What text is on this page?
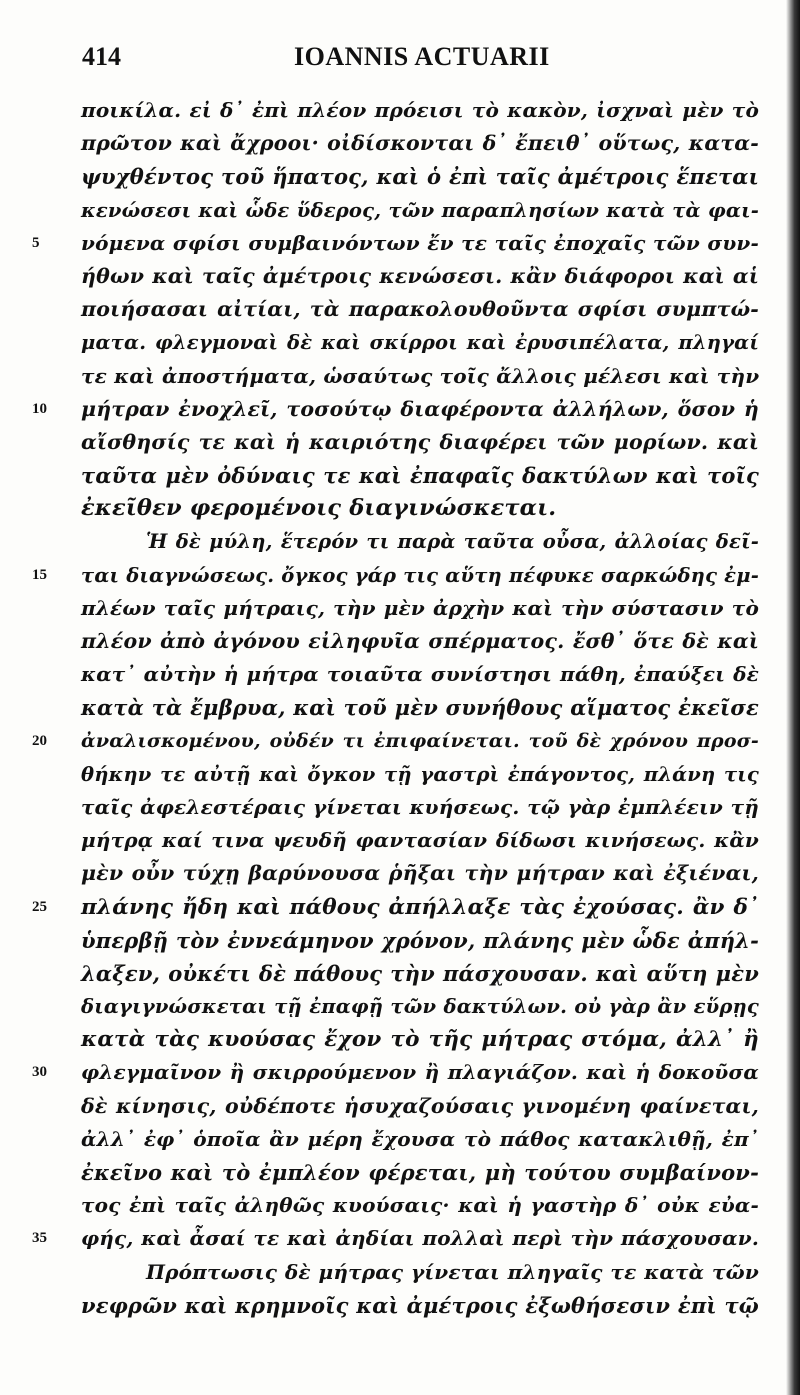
414	IOANNIS ACTUARII
ποικίλα. εἰ δ᾽ ἐπὶ πλέον πρόεισι τὸ κακὸν, ἰσχναὶ μὲν τὸ
πρῶτον καὶ ἄχροοι· οἰδίσκονται δ᾽ ἔπειθ᾽ οὕτως, κατα-
ψυχθέντος τοῦ ἥπατος, καὶ ὁ ἐπὶ ταῖς ἀμέτροις ἕπεται
κενώσεσι καὶ ὧδε ὕδερος, τῶν παραπλησίων κατὰ τὰ φαι-
5	νόμενα σφίσι συμβαινόντων ἔν τε ταῖς ἐποχαῖς τῶν συν-
ήθων καὶ ταῖς ἀμέτροις κενώσεσι. κἂν διάφοροι καὶ αἱ
ποιήσασαι αἰτίαι, τὰ παρακολουθοῦντα σφίσι συμπτώ-
ματα. φλεγμοναὶ δὲ καὶ σκίρροι καὶ ἐρυσιπέλατα, πληγαί
τε καὶ ἀποστήματα, ὡσαύτως τοῖς ἄλλοις μέλεσι καὶ τὴν
10	μήτραν ἐνοχλεῖ, τοσούτῳ διαφέροντα ἀλλήλων, ὅσον ἡ
αἴσθησίς τε καὶ ἡ καιριότης διαφέρει τῶν μορίων. καὶ
ταῦτα μὲν ὀδύναις τε καὶ ἐπαφαῖς δακτύλων καὶ τοῖς
ἐκεῖθεν φερομένοις διαγινώσκεται.
Ἡ δὲ μύλη, ἕτερόν τι παρὰ ταῦτα οὖσα, ἀλλοίας δεῖ-
15	ται διαγνώσεως. ὄγκος γάρ τις αὕτη πέφυκε σαρκώδης ἐμ-
πλέων ταῖς μήτραις, τὴν μὲν ἀρχὴν καὶ τὴν σύστασιν τὸ
πλέον ἀπὸ ἀγόνου εἰληφυῖα σπέρματος. ἔσθ᾽ ὅτε δὲ καὶ
κατ᾽ αὐτὴν ἡ μήτρα τοιαῦτα συνίστησι πάθη, ἐπαύξει δὲ
κατὰ τὰ ἔμβρυα, καὶ τοῦ μὲν συνήθους αἵματος ἐκεῖσε
20	ἀναλισκομένου, οὐδέν τι ἐπιφαίνεται. τοῦ δὲ χρόνου προσ-
θήκην τε αὐτῇ καὶ ὄγκον τῇ γαστρὶ ἐπάγοντος, πλάνη τις
ταῖς ἀφελεστέραις γίνεται κυήσεως. τῷ γὰρ ἐμπλέειν τῇ
μήτρᾳ καί τινα ψευδῆ φαντασίαν δίδωσι κινήσεως. κἂν
μὲν οὖν τύχῃ βαρύνουσα ῥῆξαι τὴν μήτραν καὶ ἐξιέναι,
25	πλάνης ἤδη καὶ πάθους ἀπήλλαξε τὰς ἐχούσας. ἂν δ᾽
ὑπερβῇ τὸν ἐννεάμηνον χρόνον, πλάνης μὲν ὧδε ἀπήλ-
λαξεν, οὐκέτι δὲ πάθους τὴν πάσχουσαν. καὶ αὕτη μὲν
διαγιγνώσκεται τῇ ἐπαφῇ τῶν δακτύλων. οὐ γὰρ ἂν εὕρῃς
κατὰ τὰς κυούσας ἔχον τὸ τῆς μήτρας στόμα, ἀλλ᾽ ἢ
30	φλεγμαῖνον ἢ σκιρρούμενον ἢ πλαγιάζον. καὶ ἡ δοκοῦσα
δὲ κίνησις, οὐδέποτε ἡσυχαζούσαις γινομένη φαίνεται,
ἀλλ᾽ ἐφ᾽ ὁποῖα ἂν μέρη ἔχουσα τὸ πάθος κατακλιθῇ, ἐπ᾽
ἐκεῖνο καὶ τὸ ἐμπλέον φέρεται, μὴ τούτου συμβαίνον-
τος ἐπὶ ταῖς ἀληθῶς κυούσαις· καὶ ἡ γαστὴρ δ᾽ οὐκ εὐα-
35	φής, καὶ ἆσαί τε καὶ ἀηδίαι πολλαὶ περὶ τὴν πάσχουσαν.
Πρόπτωσις δὲ μήτρας γίνεται πληγαῖς τε κατὰ τῶν
νεφρῶν καὶ κρημνοῖς καὶ ἀμέτροις ἐξωθήσεσιν ἐπὶ τῷ
